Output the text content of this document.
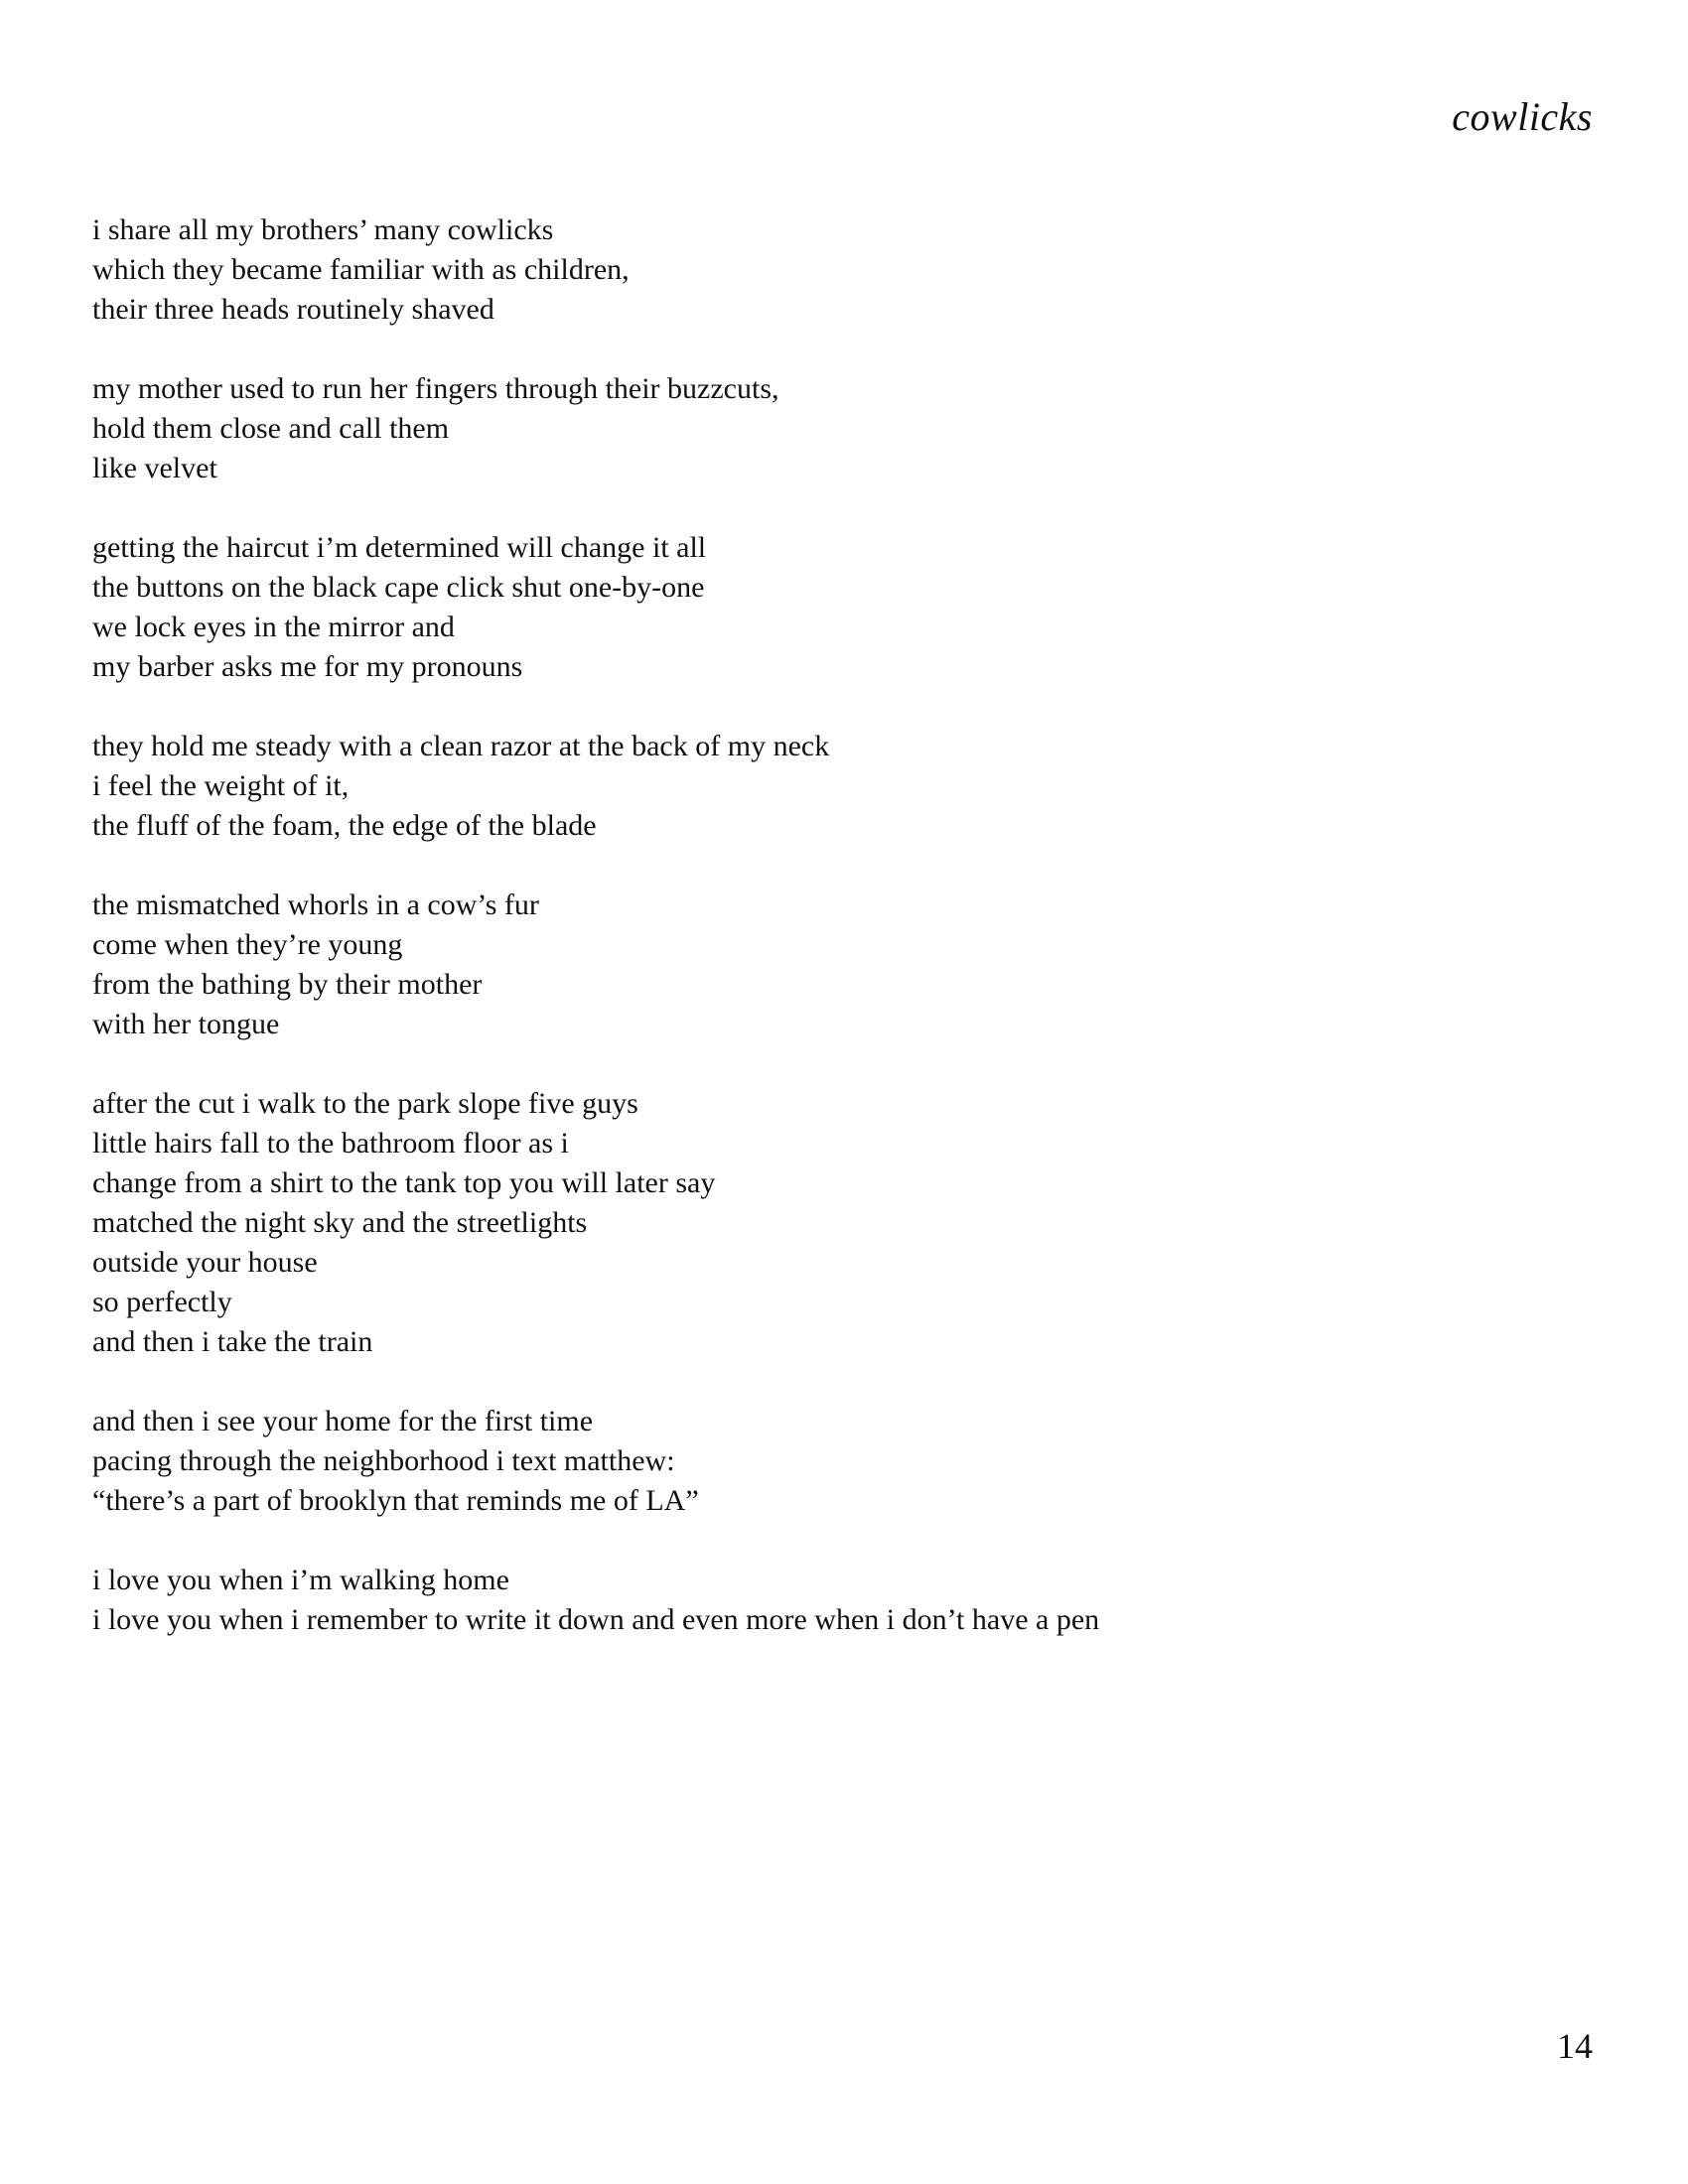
cowlicks
i share all my brothers’ many cowlicks
which they became familiar with as children,
their three heads routinely shaved
my mother used to run her fingers through their buzzcuts,
hold them close and call them
like velvet
getting the haircut i’m determined will change it all
the buttons on the black cape click shut one-by-one
we lock eyes in the mirror and
my barber asks me for my pronouns
they hold me steady with a clean razor at the back of my neck
i feel the weight of it,
the fluff of the foam, the edge of the blade
the mismatched whorls in a cow’s fur
come when they’re young
from the bathing by their mother
with her tongue
after the cut i walk to the park slope five guys
little hairs fall to the bathroom floor as i
change from a shirt to the tank top you will later say
matched the night sky and the streetlights
outside your house
so perfectly
and then i take the train
and then i see your home for the first time
pacing through the neighborhood i text matthew:
“there’s a part of brooklyn that reminds me of LA”
i love you when i’m walking home
i love you when i remember to write it down and even more when i don’t have a pen
14
